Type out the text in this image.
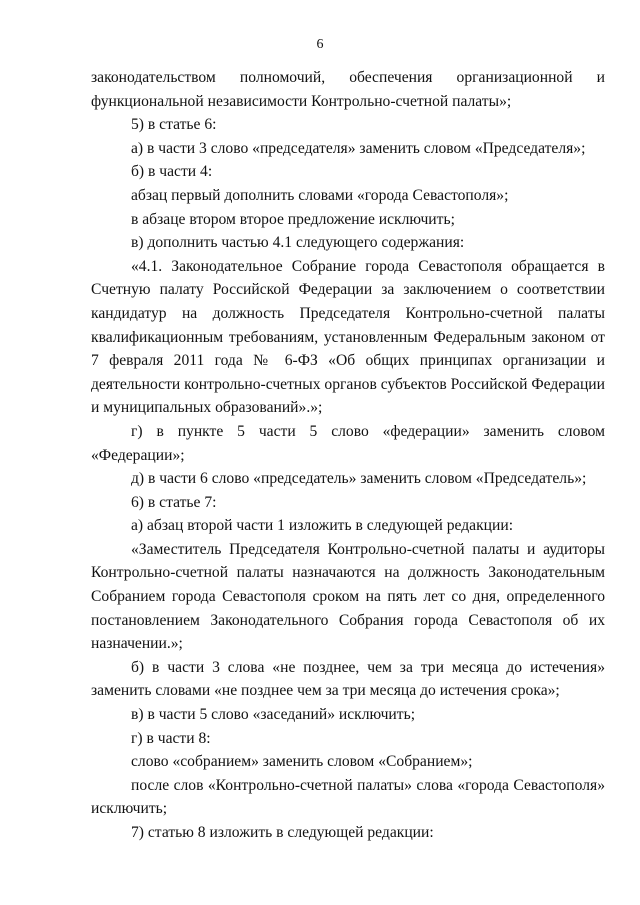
6

законодательством полномочий, обеспечения организационной и функциональной независимости Контрольно-счетной палаты»;

5) в статье 6:

а) в части 3 слово «председателя» заменить словом «Председателя»;

б) в части 4:

абзац первый дополнить словами «города Севастополя»;

в абзаце втором второе предложение исключить;

в) дополнить частью 4.1 следующего содержания:

«4.1. Законодательное Собрание города Севастополя обращается в Счетную палату Российской Федерации за заключением о соответствии кандидатур на должность Председателя Контрольно-счетной палаты квалификационным требованиям, установленным Федеральным законом от 7 февраля 2011 года № 6-ФЗ «Об общих принципах организации и деятельности контрольно-счетных органов субъектов Российской Федерации и муниципальных образований».»;

г) в пункте 5 части 5 слово «федерации» заменить словом «Федерации»;

д) в части 6 слово «председатель» заменить словом «Председатель»;

6) в статье 7:

а) абзац второй части 1 изложить в следующей редакции:

«Заместитель Председателя Контрольно-счетной палаты и аудиторы Контрольно-счетной палаты назначаются на должность Законодательным Собранием города Севастополя сроком на пять лет со дня, определенного постановлением Законодательного Собрания города Севастополя об их назначении.»;

б) в части 3 слова «не позднее, чем за три месяца до истечения» заменить словами «не позднее чем за три месяца до истечения срока»;

в) в части 5 слово «заседаний» исключить;

г) в части 8:

слово «собранием» заменить словом «Собранием»;

после слов «Контрольно-счетной палаты» слова «города Севастополя» исключить;

7) статью 8 изложить в следующей редакции:
